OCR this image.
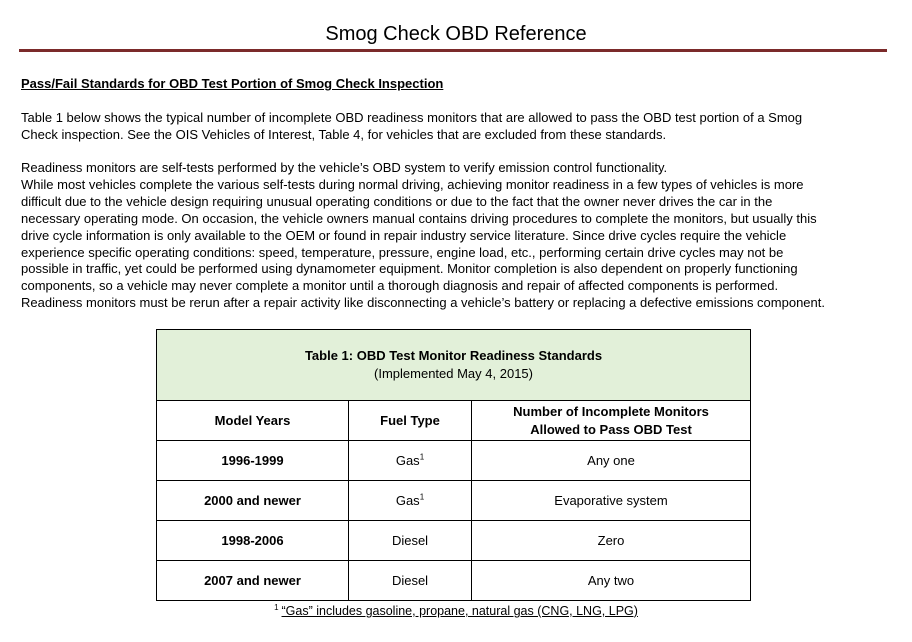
Smog Check OBD Reference
Pass/Fail Standards for OBD Test Portion of Smog Check Inspection

Table 1 below shows the typical number of incomplete OBD readiness monitors that are allowed to pass the OBD test portion of a Smog
Check inspection. See the OIS Vehicles of Interest, Table 4, for vehicles that are excluded from these standards.

Readiness monitors are self-tests performed by the vehicle’s OBD system to verify emission control functionality.
While most vehicles complete the various self-tests during normal driving, achieving monitor readiness in a few types of vehicles is more
difficult due to the vehicle design requiring unusual operating conditions or due to the fact that the owner never drives the car in the
necessary operating mode. On occasion, the vehicle owners manual contains driving procedures to complete the monitors, but usually this
drive cycle information is only available to the OEM or found in repair industry service literature. Since drive cycles require the vehicle
experience specific operating conditions: speed, temperature, pressure, engine load, etc., performing certain drive cycles may not be
possible in traffic, yet could be performed using dynamometer equipment. Monitor completion is also dependent on properly functioning
components, so a vehicle may never complete a monitor until a thorough diagnosis and repair of affected components is performed.
Readiness monitors must be rerun after a repair activity like disconnecting a vehicle’s battery or replacing a defective emissions component.

Table 1: OBD Test Monitor Readiness Standards
(Implemented May 4, 2015)		

Model Years	Fuel Type	Number of Incomplete Monitors
Allowed to Pass OBD Test

1996-1999	Gas$^1$	Any one
2000 and newer	Gas$^1$	Evaporative system
1998-2006	Diesel	Zero
2007 and newer	Diesel	Any two
$^1$ “Gas” includes gasoline, propane, natural gas (CNG, LNG, LPG)
